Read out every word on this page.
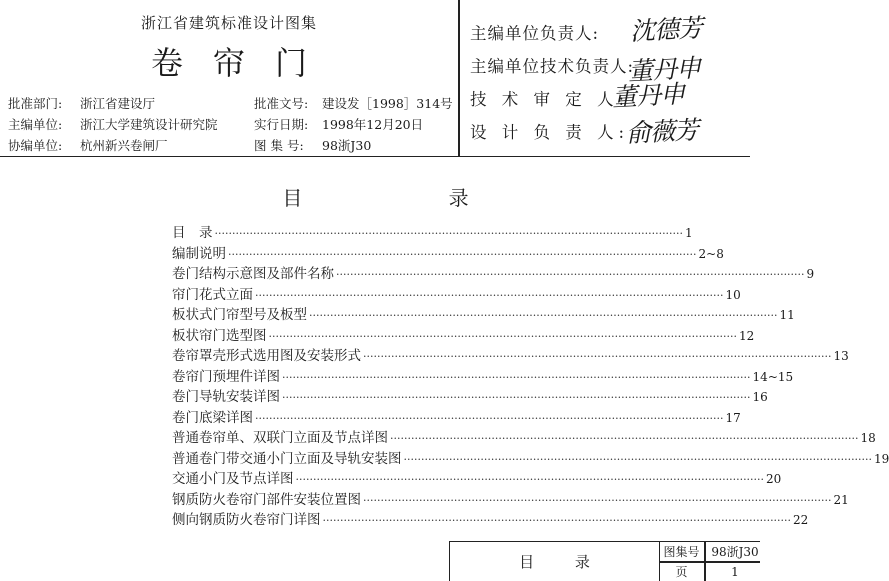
浙江省建筑标准设计图集
卷帘门
批准部门: 浙江省建设厅
主编单位: 浙江大学建筑设计研究院
协编单位: 杭州新兴卷闸厂
批准文号: 建设发［1998］314号
实行日期: 1998年12月20日
图 集 号: 98浙J30
主编单位负责人: 沈德芳
主编单位技术负责人:
董丹申
技 术 审 定 人:
董丹申
设 计 负 责 人:
俞薇芳
目 录
目　录 ·····	1
编制说明 ·····	2~8
卷门结构示意图及部件名称 ·····	9
帘门花式立面 ·····	10
板状式门帘型号及板型 ·····	11
板状帘门选型图 ·····	12
卷帘罩壳形式选用图及安装形式 ·····	13
卷帘门预埋件详图 ·····	14~15
卷门导轨安装详图 ·····	16
卷门底梁详图 ·····	17
普通卷帘单、双联门立面及节点详图 ·····	18
普通卷门带交通小门立面及导轨安装图 ·····	19
交通小门及节点详图 ·····	20
钢质防火卷帘门部件安装位置图 ·····	21
侧向钢质防火卷帘门详图 ·····	22
目 录
图集号 98浙J30
页	1
